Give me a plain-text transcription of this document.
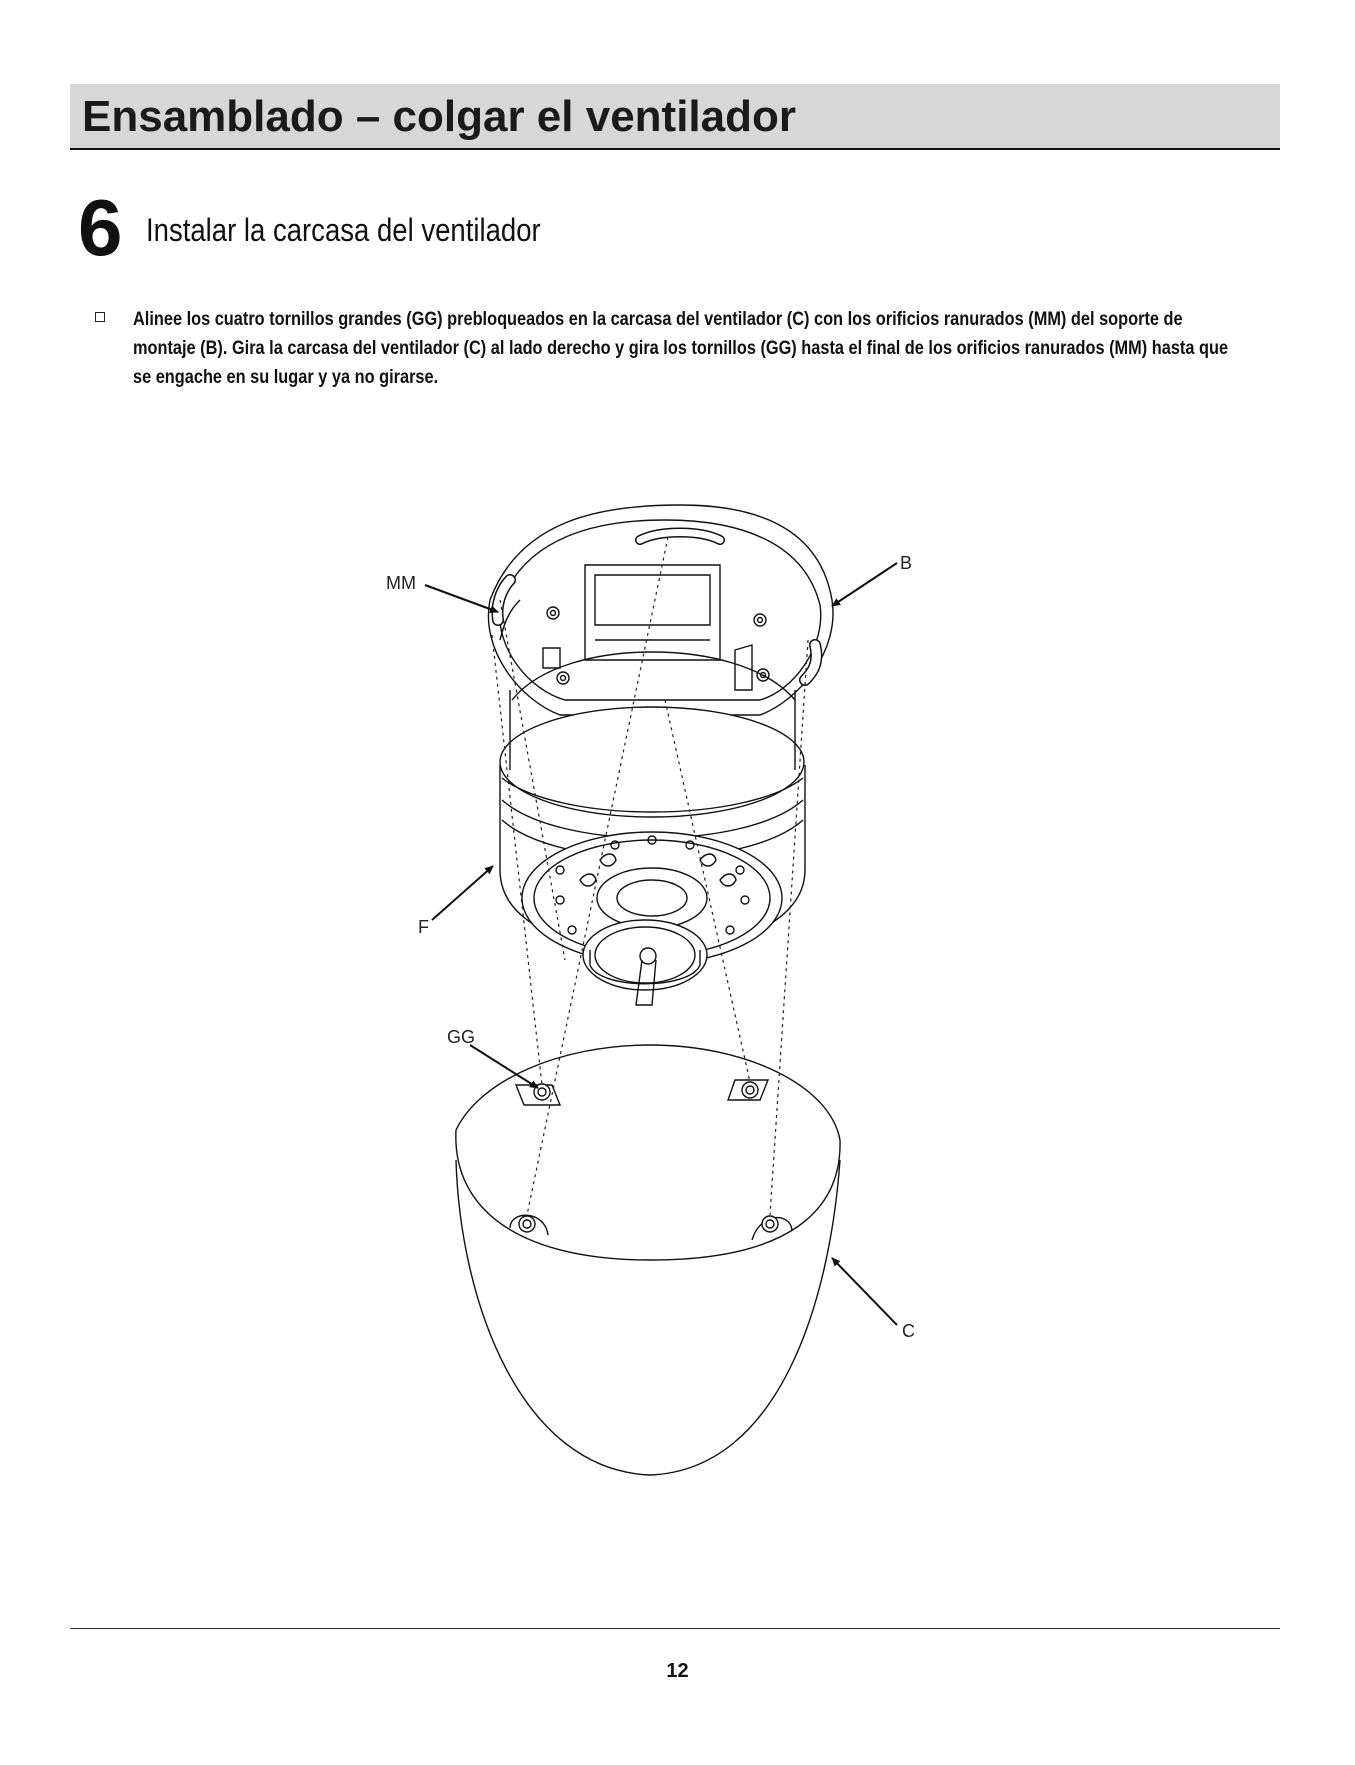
Ensamblado – colgar el ventilador
6 Instalar la carcasa del ventilador
Alinee los cuatro tornillos grandes (GG) prebloqueados en la carcasa del ventilador (C) con los orificios ranurados (MM) del soporte de montaje (B). Gira la carcasa del ventilador (C) al lado derecho y gira los tornillos (GG) hasta el final de los orificios ranurados (MM) hasta que se engache en su lugar y ya no girarse.
MM
B
F
GG
C
12
